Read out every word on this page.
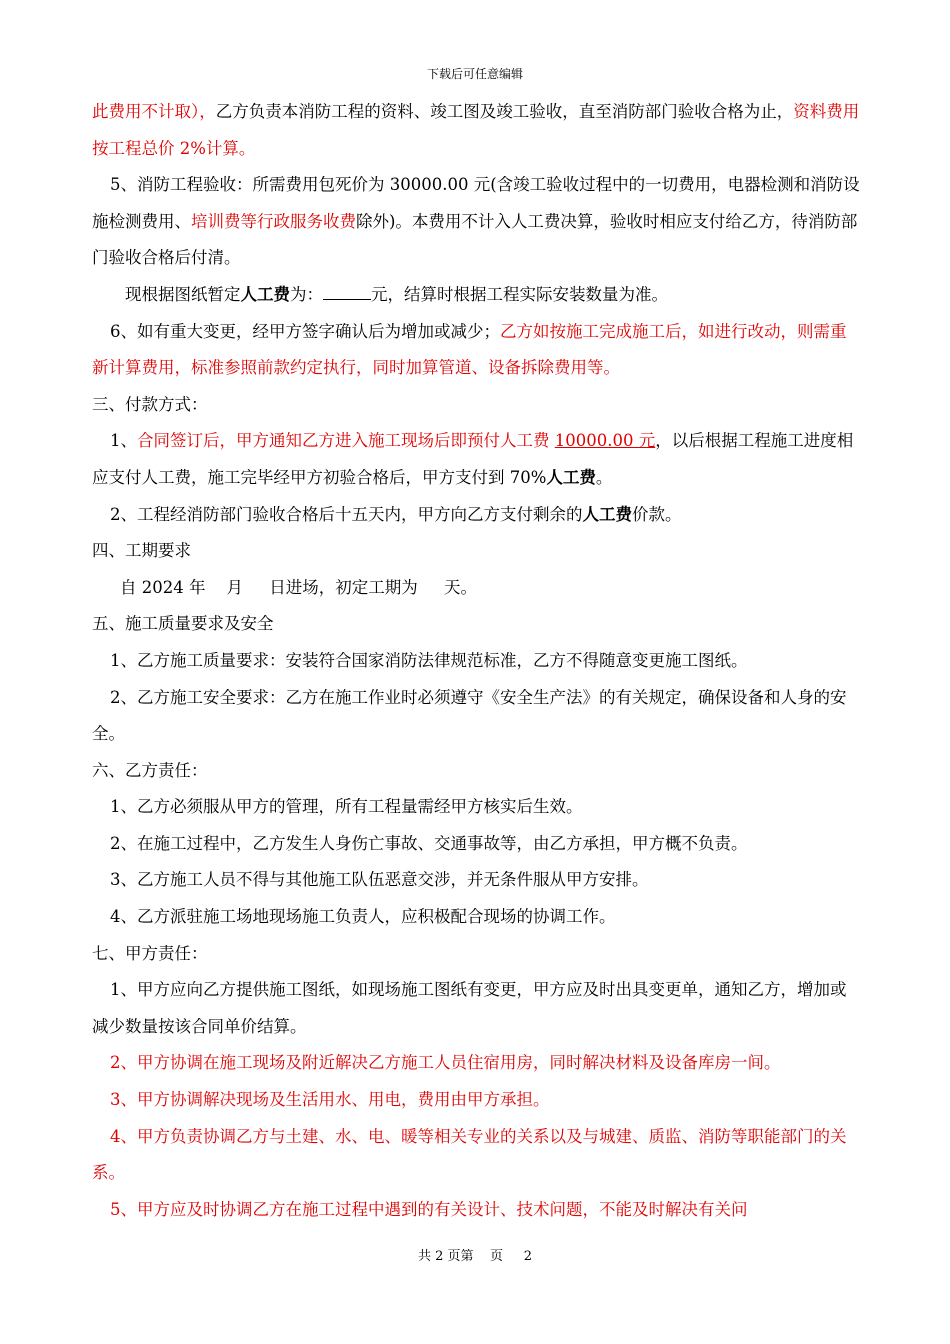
下载后可任意编辑

此费用不计取），乙方负责本消防工程的资料、竣工图及竣工验收，直至消防部门验收合格为止，资料费用按工程总价 2%计算。

5、消防工程验收：所需费用包死价为 30000.00 元(含竣工验收过程中的一切费用，电器检测和消防设施检测费用、培训费等行政服务收费除外)。本费用不计入人工费决算，验收时相应支付给乙方，待消防部门验收合格后付清。

现根据图纸暂定人工费为：	元，结算时根据工程实际安装数量为准。

6、如有重大变更，经甲方签字确认后为增加或减少；乙方如按施工完成施工后，如进行改动，则需重新计算费用，标准参照前款约定执行，同时加算管道、设备拆除费用等。

三、付款方式：

1、合同签订后，甲方通知乙方进入施工现场后即预付人工费 10000.00 元，以后根据工程施工进度相应支付人工费，施工完毕经甲方初验合格后，甲方支付到 70%人工费。

2、工程经消防部门验收合格后十五天内，甲方向乙方支付剩余的人工费价款。

四、工期要求

自 2024 年 月 日进场，初定工期为 天。

五、施工质量要求及安全

1、乙方施工质量要求：安装符合国家消防法律规范标准，乙方不得随意变更施工图纸。

2、乙方施工安全要求：乙方在施工作业时必须遵守《安全生产法》的有关规定，确保设备和人身的安全。

六、乙方责任：

1、乙方必须服从甲方的管理，所有工程量需经甲方核实后生效。

2、在施工过程中，乙方发生人身伤亡事故、交通事故等，由乙方承担，甲方概不负责。

3、乙方施工人员不得与其他施工队伍恶意交涉，并无条件服从甲方安排。

4、乙方派驻施工场地现场施工负责人，应积极配合现场的协调工作。

七、甲方责任：

1、甲方应向乙方提供施工图纸，如现场施工图纸有变更，甲方应及时出具变更单，通知乙方，增加或减少数量按该合同单价结算。

2、甲方协调在施工现场及附近解决乙方施工人员住宿用房，同时解决材料及设备库房一间。

3、甲方协调解决现场及生活用水、用电，费用由甲方承担。

4、甲方负责协调乙方与土建、水、电、暖等相关专业的关系以及与城建、质监、消防等职能部门的关系。

5、甲方应及时协调乙方在施工过程中遇到的有关设计、技术问题，不能及时解决有关问

共 2 页第 页 2
